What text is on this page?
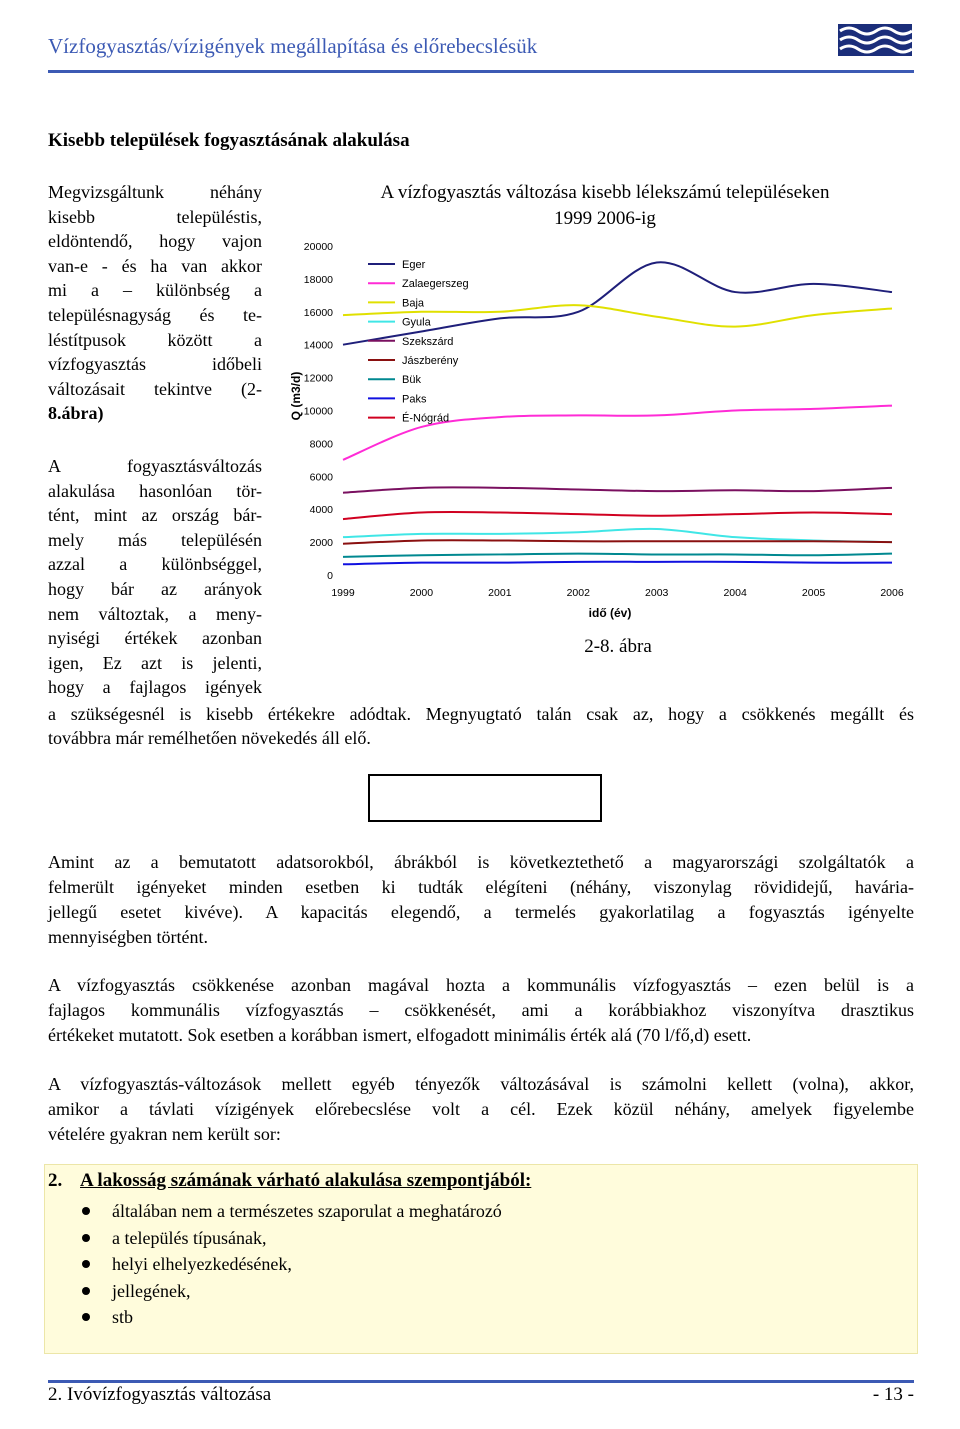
Vízfogyasztás/vízigények megállapítása és előrebecslésük
Kisebb települések fogyasztásának alakulása
Megvizsgáltunk néhány
kisebb településtis,
eldöntendő, hogy vajon
van-e - és ha van akkor
mi a – különbség a
településnagyság és te-
léstítpusok között a
vízfogyasztás időbeli
változásait tekintve (2-
8.ábra)
A fogyasztásváltozás
alakulása hasonlóan tör-
tént, mint az ország bár-
mely más településén
azzal a különbséggel,
hogy bár az arányok
nem változtak, a meny-
nyiségi értékek azonban
igen, Ez azt is jelenti,
hogy a fajlagos igények
A vízfogyasztás változása kisebb lélekszámú településeken
1999 2006-ig
0
2000
4000
6000
8000
10000
12000
14000
16000
18000
20000
1999	2000	2001	2002	2003	2004	2005	2006
Eger
Zalaegerszeg
Baja
Gyula
Szekszárd
Jászberény
Bük
Paks
É-Nógrád
Q (m3/d)
idő (év)
2-8. ábra
a szükségesnél is kisebb értékekre adódtak. Megnyugtató talán csak az, hogy a csökkenés megállt és
továbbra már remélhetően növekedés áll elő.
Amint az a bemutatott adatsorokból, ábrákból is következtethető a magyarországi szolgáltatók a
felmerült igényeket minden esetben ki tudták elégíteni (néhány, viszonylag rövididejű, havária-
jellegű esetet kivéve). A kapacitás elegendő, a termelés gyakorlatilag a fogyasztás igényelte
mennyiségben történt.
A vízfogyasztás csökkenése azonban magával hozta a kommunális vízfogyasztás – ezen belül is a
fajlagos kommunális vízfogyasztás – csökkenését, ami a korábbiakhoz viszonyítva drasztikus
értékeket mutatott. Sok esetben a korábban ismert, elfogadott minimális érték alá (70 l/fő,d) esett.
A vízfogyasztás-változások mellett egyéb tényezők változásával is számolni kellett (volna), akkor,
amikor a távlati vízigények előrebecslése volt a cél. Ezek közül néhány, amelyek figyelembe
vételére gyakran nem került sor:
2. A lakosság számának várható alakulása szempontjából:
általában nem a természetes szaporulat a meghatározó
a település típusának,
helyi elhelyezkedésének,
jellegének,
stb
2. Ivóvízfogyasztás változása	- 13 -
